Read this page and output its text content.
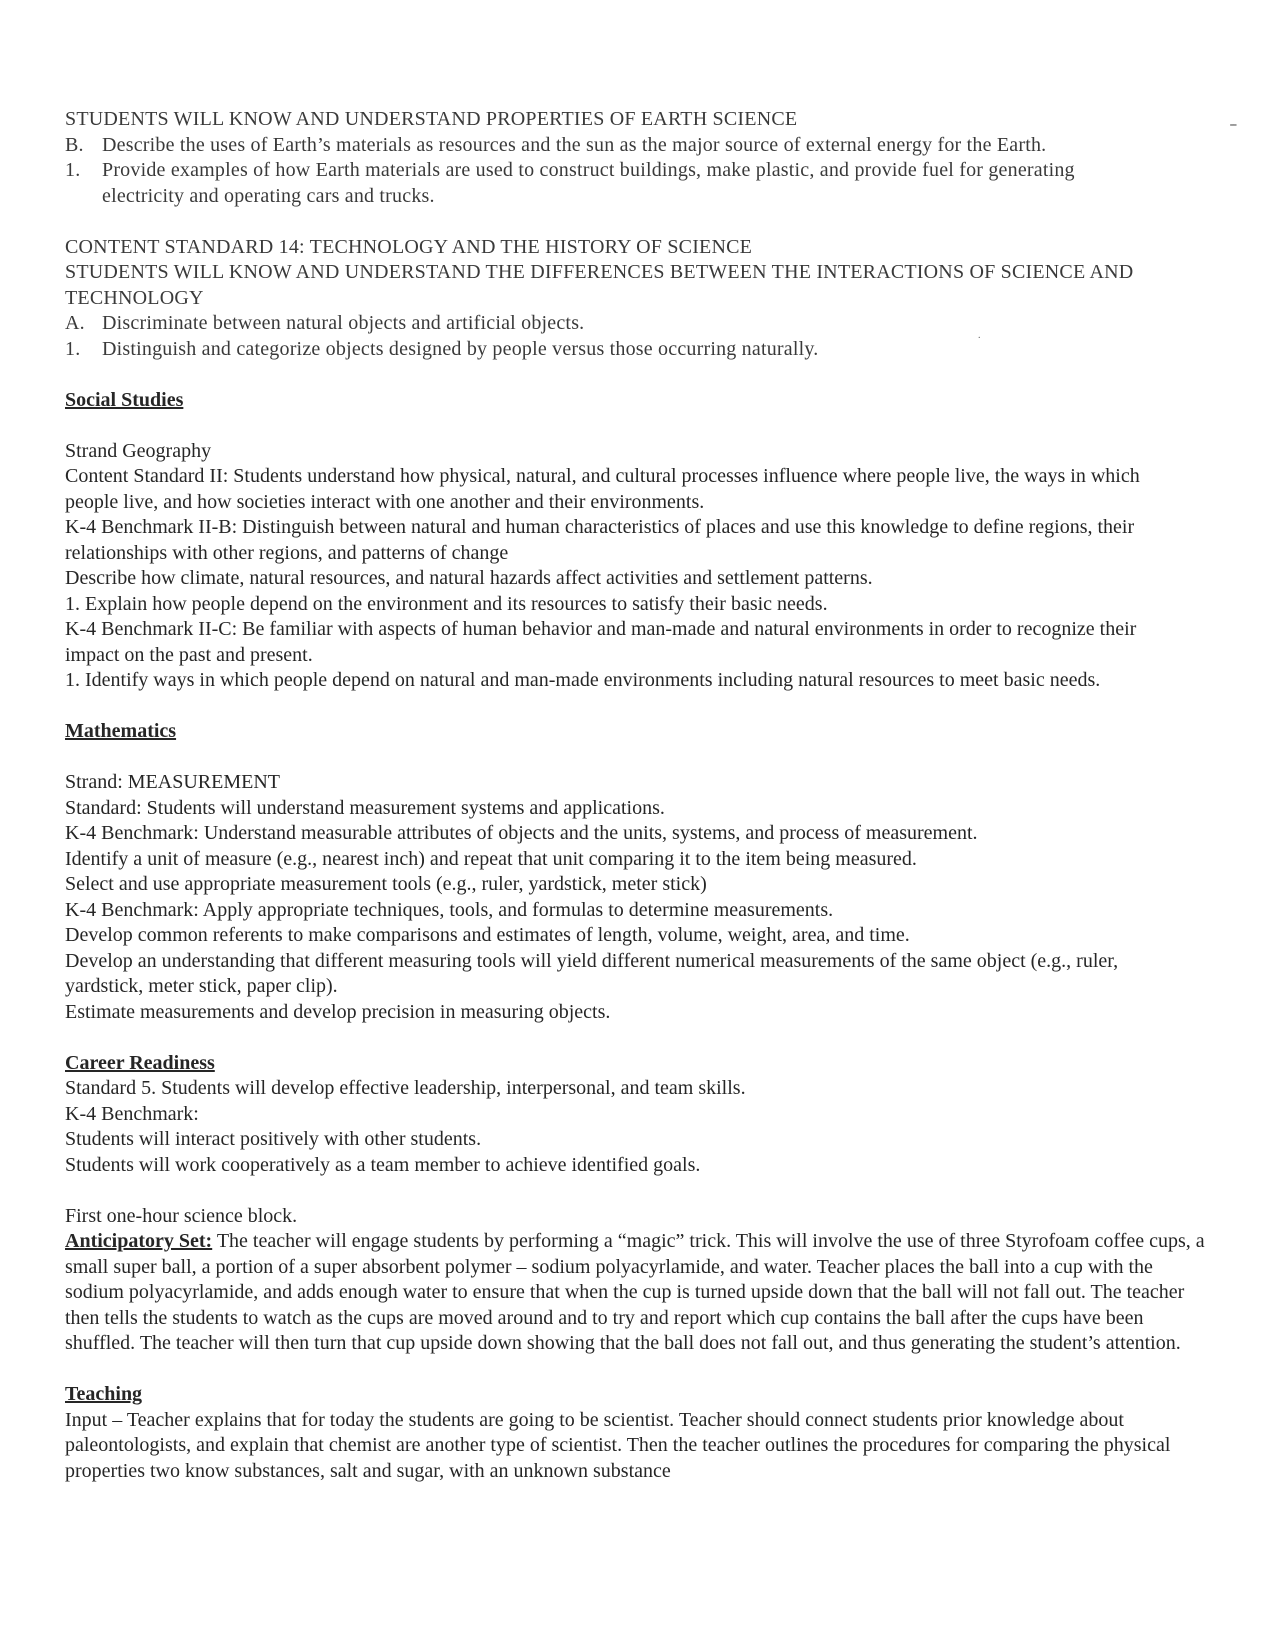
--
.
STUDENTS WILL KNOW AND UNDERSTAND PROPERTIES OF EARTH SCIENCE
B. Describe the uses of Earth’s materials as resources and the sun as the major source of external energy for the Earth.
1.	Provide examples of how Earth materials are used to construct buildings, make plastic, and provide fuel for generating electricity and operating cars and trucks.
CONTENT STANDARD 14: TECHNOLOGY AND THE HISTORY OF SCIENCE
STUDENTS WILL KNOW AND UNDERSTAND THE DIFFERENCES BETWEEN THE INTERACTIONS OF SCIENCE AND TECHNOLOGY
A. Discriminate between natural objects and artificial objects.
1.	Distinguish and categorize objects designed by people versus those occurring naturally.
Social Studies
Strand Geography
Content Standard II: Students understand how physical, natural, and cultural processes influence where people live, the ways in which people live, and how societies interact with one another and their environments.
K-4 Benchmark II-B: Distinguish between natural and human characteristics of places and use this knowledge to define regions, their relationships with other regions, and patterns of change
Describe how climate, natural resources, and natural hazards affect activities and settlement patterns.
1. Explain how people depend on the environment and its resources to satisfy their basic needs.
K-4 Benchmark II-C: Be familiar with aspects of human behavior and man-made and natural environments in order to recognize their impact on the past and present.
1. Identify ways in which people depend on natural and man-made environments including natural resources to meet basic needs.
Mathematics
Strand: MEASUREMENT
Standard: Students will understand measurement systems and applications.
K-4 Benchmark: Understand measurable attributes of objects and the units, systems, and process of measurement.
Identify a unit of measure (e.g., nearest inch) and repeat that unit comparing it to the item being measured.
Select and use appropriate measurement tools (e.g., ruler, yardstick, meter stick)
K-4 Benchmark: Apply appropriate techniques, tools, and formulas to determine measurements.
Develop common referents to make comparisons and estimates of length, volume, weight, area, and time.
Develop an understanding that different measuring tools will yield different numerical measurements of the same object (e.g., ruler, yardstick, meter stick, paper clip).
Estimate measurements and develop precision in measuring objects.
Career Readiness
Standard 5. Students will develop effective leadership, interpersonal, and team skills.
K-4 Benchmark:
Students will interact positively with other students.
Students will work cooperatively as a team member to achieve identified goals.
First one-hour science block.
Anticipatory Set: The teacher will engage students by performing a “magic” trick. This will involve the use of three Styrofoam coffee cups, a small super ball, a portion of a super absorbent polymer – sodium polyacyrlamide, and water. Teacher places the ball into a cup with the sodium polyacyrlamide, and adds enough water to ensure that when the cup is turned upside down that the ball will not fall out. The teacher then tells the students to watch as the cups are moved around and to try and report which cup contains the ball after the cups have been shuffled. The teacher will then turn that cup upside down showing that the ball does not fall out, and thus generating the student’s attention.
Teaching
Input – Teacher explains that for today the students are going to be scientist. Teacher should connect students prior knowledge about paleontologists, and explain that chemist are another type of scientist. Then the teacher outlines the procedures for comparing the physical properties two know substances, salt and sugar, with an unknown substance
